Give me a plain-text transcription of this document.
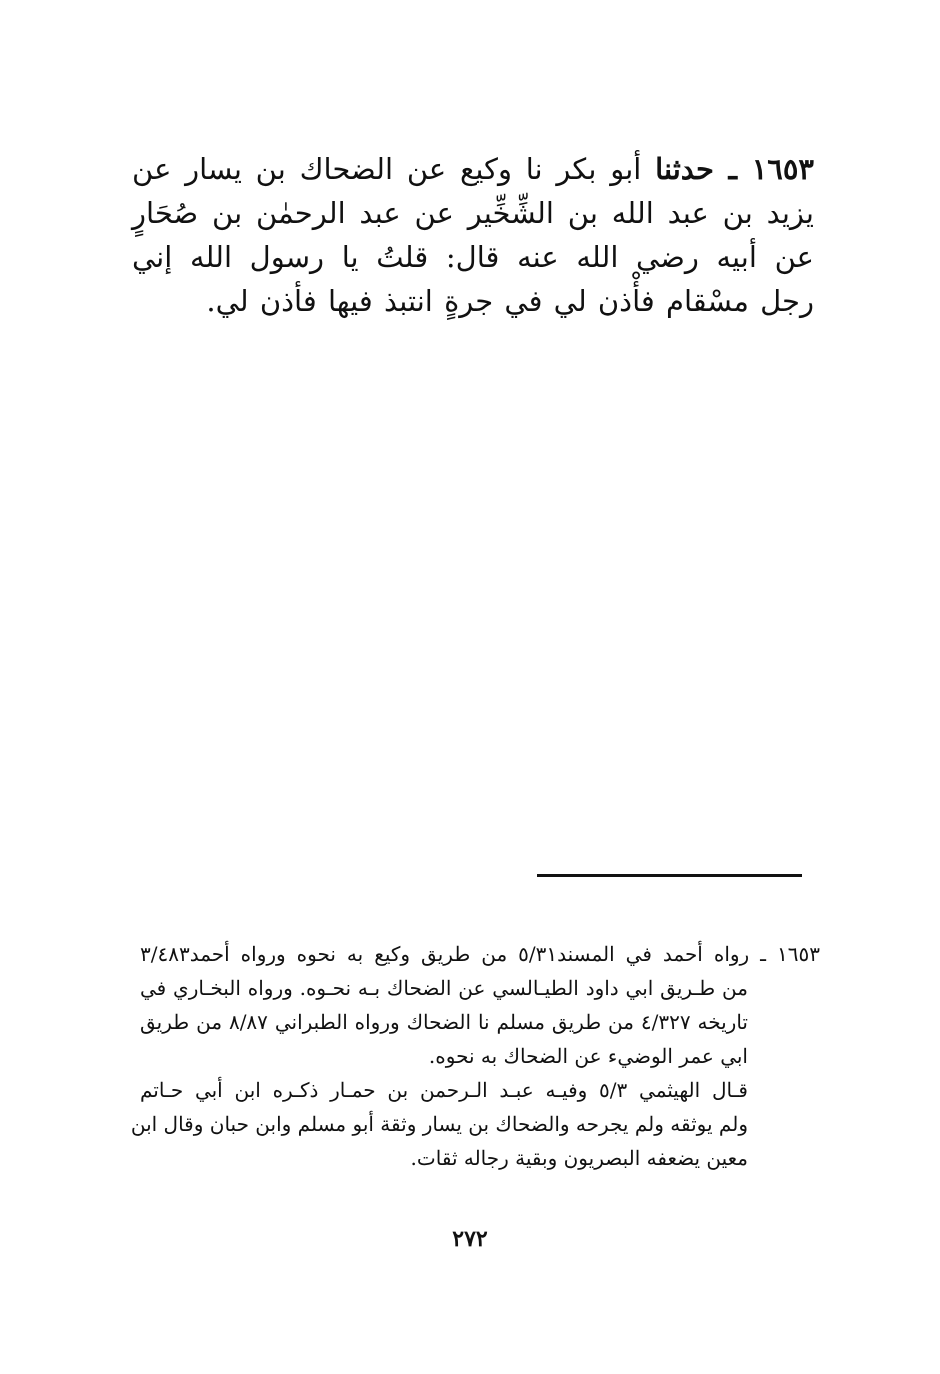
١٦٥٣ ـ حدثنا أبو بكر نا وكيع عن الضحاك بن يسار عن يزيد بن عبد الله بن الشِّخِّير عن عبد الرحمٰن بن صُحَارٍ عن أبيه رضي الله عنه قال: قلتُ يا رسول الله إني رجل مسْقام فأْذن لي في جرةٍ انتبذ فيها فأذن لي.

١٦٥٣ ـ رواه أحمد في المسند٥/٣١ من طريق وكيع به نحوه ورواه أحمد٣/٤٨٣
من طـريق ابي داود الطيـالسي عن الضحاك بـه نحـوه. ورواه البخـاري في
تاريخه ٤/٣٢٧ من طريق مسلم نا الضحاك ورواه الطبراني ٨/٨٧ من طريق
ابي عمر الوضيء عن الضحاك به نحوه.
قـال الهيثمي ٥/٣ وفيـه عبـد الـرحمن بن حمـار ذكـره ابن أبي حـاتم
ولم يوثقه ولم يجرحه والضحاك بن يسار وثقة أبو مسلم وابن حبان وقال ابن
معين يضعفه البصريون وبقية رجاله ثقات.
٢٧٢
